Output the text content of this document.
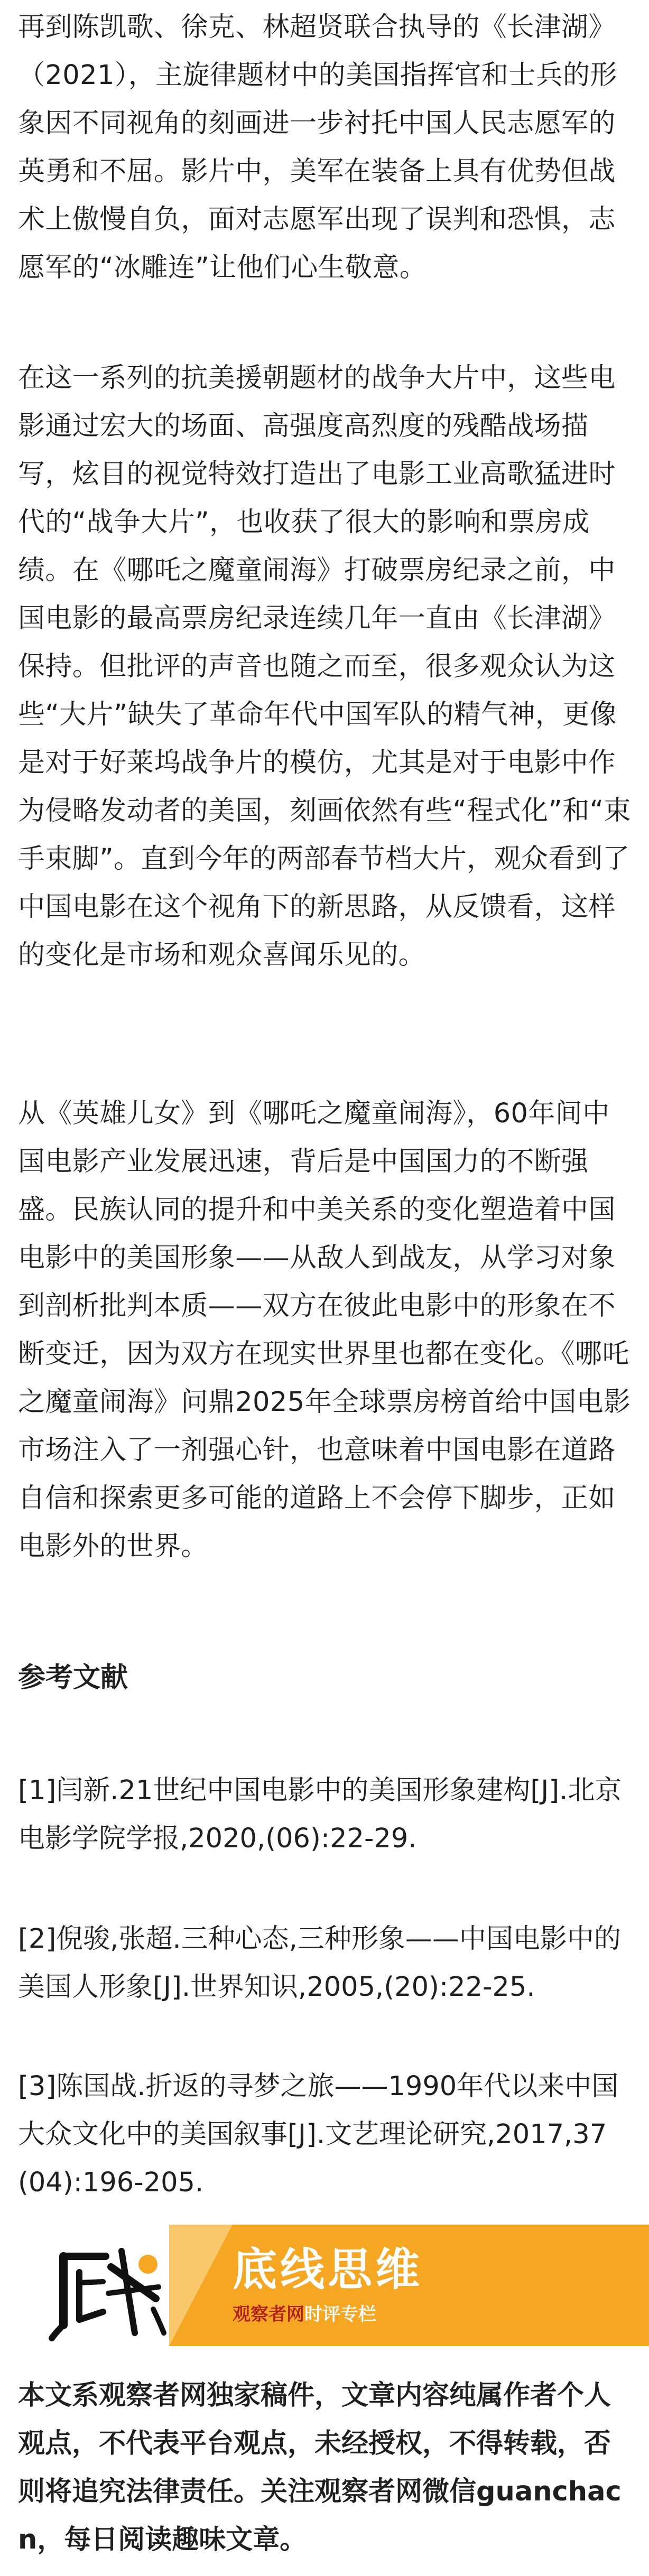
再到陈凯歌、徐克、林超贤联合执导的《长津湖》（2021），主旋律题材中的美国指挥官和士兵的形象因不同视角的刻画进一步衬托中国人民志愿军的英勇和不屈。影片中，美军在装备上具有优势但战术上傲慢自负，面对志愿军出现了误判和恐惧，志愿军的“冰雕连”让他们心生敬意。

在这一系列的抗美援朝题材的战争大片中，这些电影通过宏大的场面、高强度高烈度的残酷战场描写，炫目的视觉特效打造出了电影工业高歌猛进时代的“战争大片”，也收获了很大的影响和票房成绩。在《哪吒之魔童闹海》打破票房纪录之前，中国电影的最高票房纪录连续几年一直由《长津湖》保持。但批评的声音也随之而至，很多观众认为这些“大片”缺失了革命年代中国军队的精气神，更像是对于好莱坞战争片的模仿，尤其是对于电影中作为侵略发动者的美国，刻画依然有些“程式化”和“束手束脚”。直到今年的两部春节档大片，观众看到了中国电影在这个视角下的新思路，从反馈看，这样的变化是市场和观众喜闻乐见的。

从《英雄儿女》到《哪吒之魔童闹海》，60年间中国电影产业发展迅速，背后是中国国力的不断强盛。民族认同的提升和中美关系的变化塑造着中国电影中的美国形象——从敌人到战友，从学习对象到剖析批判本质——双方在彼此电影中的形象在不断变迁，因为双方在现实世界里也都在变化。《哪吒之魔童闹海》问鼎2025年全球票房榜首给中国电影市场注入了一剂强心针，也意味着中国电影在道路自信和探索更多可能的道路上不会停下脚步，正如电影外的世界。

参考文献

[1]闫新.21世纪中国电影中的美国形象建构[J].北京电影学院学报,2020,(06):22-29.

[2]倪骏,张超.三种心态,三种形象——中国电影中的美国人形象[J].世界知识,2005,(20):22-25.

[3]陈国战.折返的寻梦之旅——1990年代以来中国大众文化中的美国叙事[J].文艺理论研究,2017,37(04):196-205.

底线思维

观察者网时评专栏

本文系观察者网独家稿件，文章内容纯属作者个人观点，不代表平台观点，未经授权，不得转载，否则将追究法律责任。关注观察者网微信guanchacn，每日阅读趣味文章。
